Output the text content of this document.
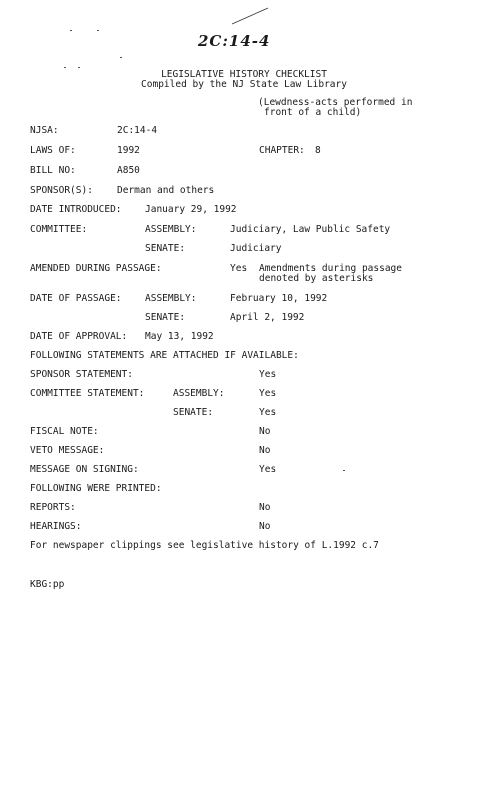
2C:14-4
LEGISLATIVE HISTORY CHECKLIST
Compiled by the NJ State Law Library
(Lewdness-acts performed in
front of a child)
NJSA:	2C:14-4
LAWS OF:	1992	CHAPTER: 8
BILL NO:	A850
SPONSOR(S):	Derman and others
DATE INTRODUCED: January 29, 1992
COMMITTEE:	ASSEMBLY:	Judiciary, Law Public Safety
SENATE:	Judiciary
AMENDED DURING PASSAGE:	Yes Amendments during passage
denoted by asterisks
DATE OF PASSAGE: ASSEMBLY:	February 10, 1992
SENATE:	April 2, 1992
DATE OF APPROVAL: May 13, 1992
FOLLOWING STATEMENTS ARE ATTACHED IF AVAILABLE:
SPONSOR STATEMENT:	Yes
COMMITTEE STATEMENT:	ASSEMBLY:	Yes
SENATE:	Yes
FISCAL NOTE:	No
VETO MESSAGE:	No
MESSAGE ON SIGNING:	Yes
FOLLOWING WERE PRINTED:
REPORTS:	No
HEARINGS:	No
For newspaper clippings see legislative history of L.1992 c.7
KBG:pp
